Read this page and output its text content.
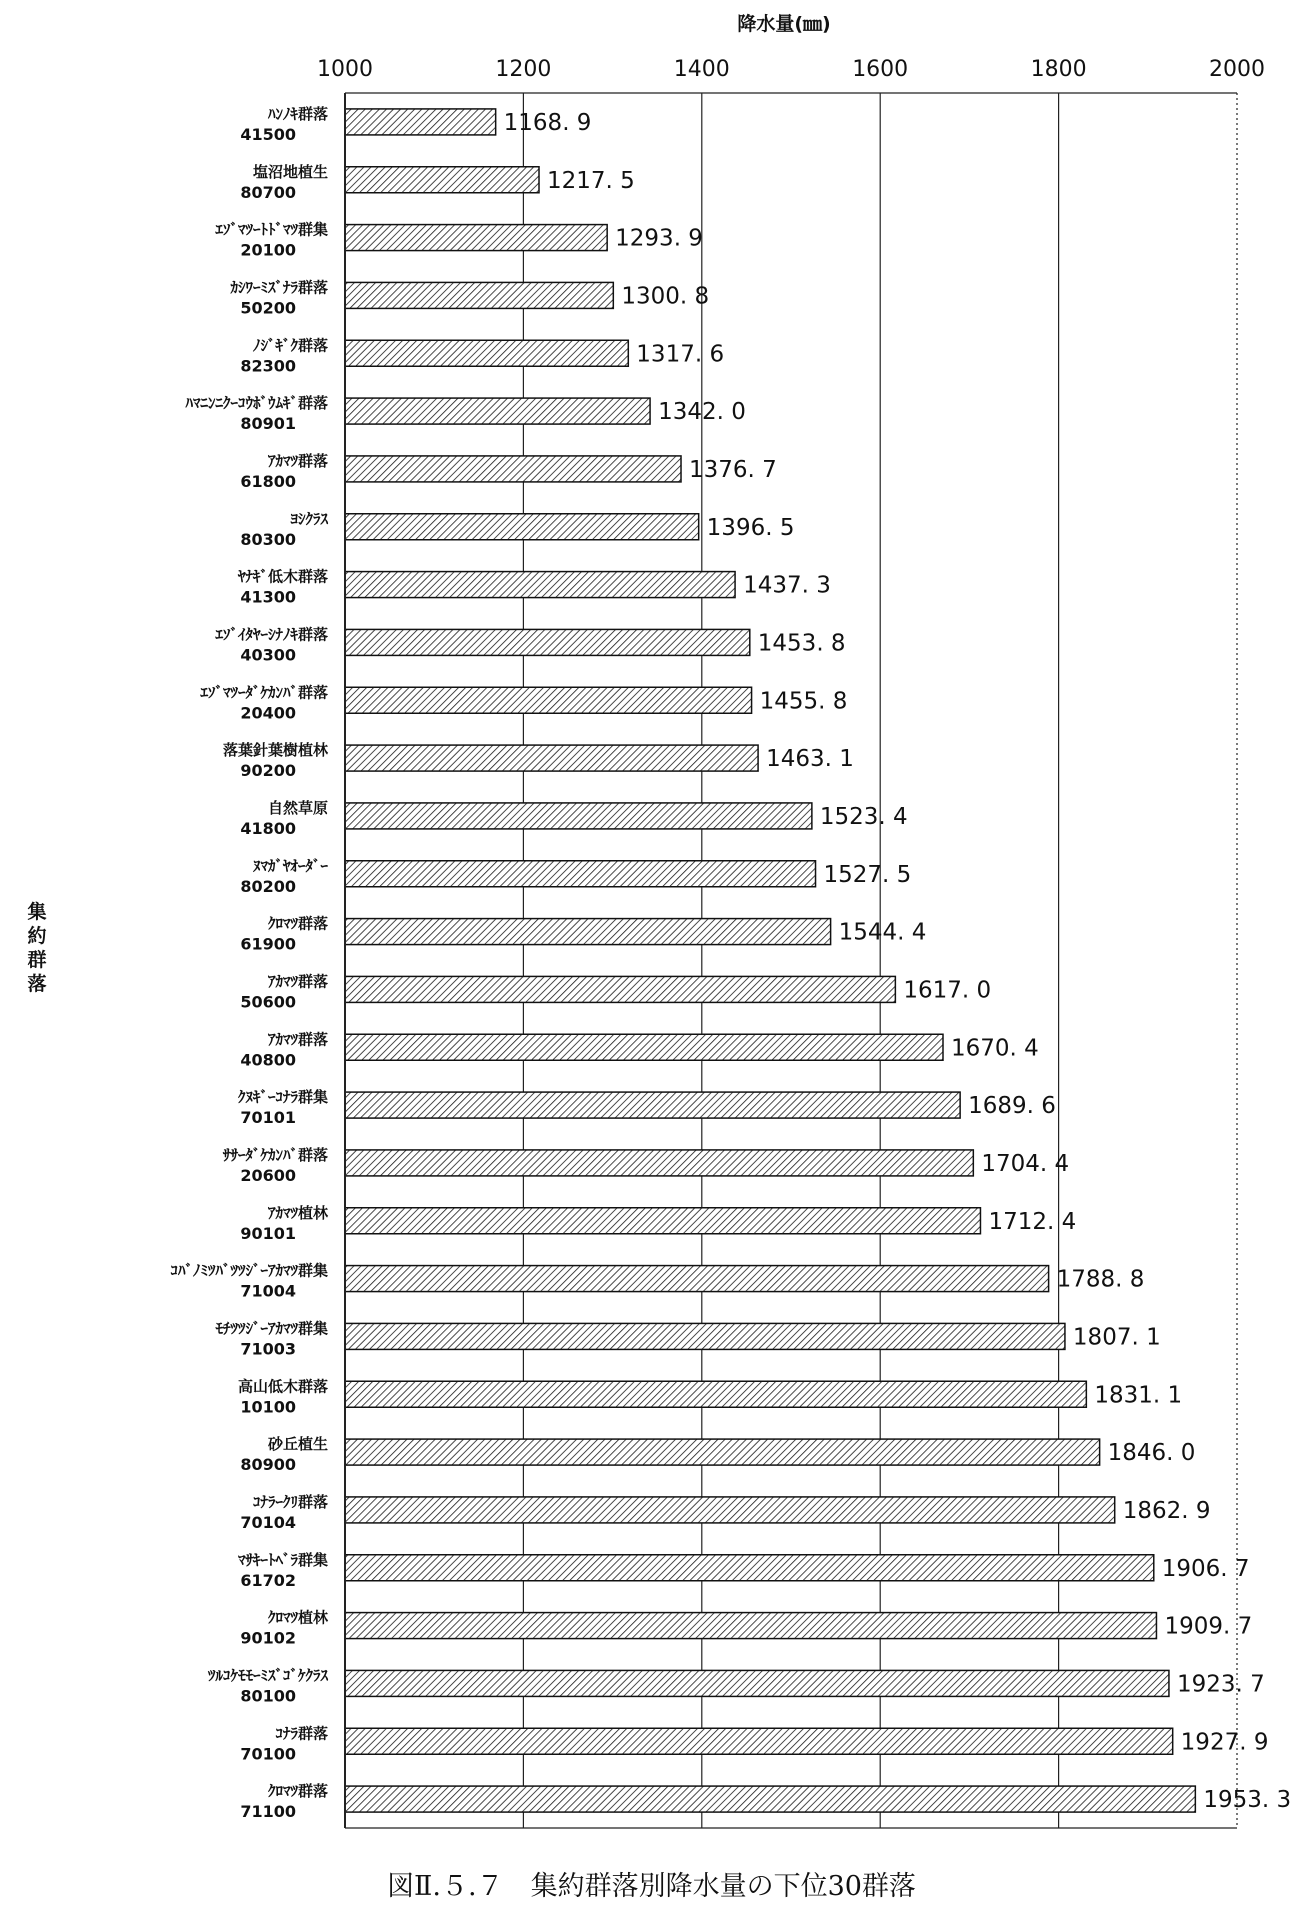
1000	1200	1400	1600	1800	2000
ﾊﾝﾉｷ群落
41500
塩沼地植生
80700
ｴｿﾞﾏﾂｰﾄﾄﾞﾏﾂ群集
20100
ｶｼﾜｰﾐｽﾞﾅﾗ群落
50200
ﾉｼﾞｷﾞｸ群落
82300
ﾊﾏﾆﾝﾆｸｰｺｳﾎﾞｳﾑｷﾞ群落
80901
ｱｶﾏﾂ群落
61800
ﾖｼｸﾗｽ
80300
ﾔﾅｷﾞ低木群落
41300
ｴｿﾞｲﾀﾔｰｼﾅﾉｷ群落
40300
ｴｿﾞﾏﾂｰﾀﾞｹｶﾝﾊﾞ群落
20400
落葉針葉樹植林
90200
自然草原
41800
ﾇﾏｶﾞﾔｵｰﾀﾞｰ
80200
ｸﾛﾏﾂ群落
61900
ｱｶﾏﾂ群落
50600
ｱｶﾏﾂ群落
40800
ｸﾇｷﾞｰｺﾅﾗ群集
70101
ｻｻｰﾀﾞｹｶﾝﾊﾞ群落
20600
ｱｶﾏﾂ植林
90101
ｺﾊﾞﾉﾐﾂﾊﾞﾂﾂｼﾞｰｱｶﾏﾂ群集
71004
ﾓﾁﾂﾂｼﾞｰｱｶﾏﾂ群集
71003
高山低木群落
10100
砂丘植生
80900
ｺﾅﾗｰｸﾘ群落
70104
ﾏｻｷｰﾄﾍﾞﾗ群集
61702
ｸﾛﾏﾂ植林
90102
ﾂﾙｺｹﾓﾓｰﾐｽﾞｺﾞｹｸﾗｽ
80100
ｺﾅﾗ群落
70100
ｸﾛﾏﾂ群落
71100
1168. 9
1217. 5
1293. 9
1300. 8
1317. 6
1342. 0
1376. 7
1396. 5
1437. 3
1453. 8
1455. 8
1463. 1
1523. 4
1527. 5
1544. 4
1617. 0
1670. 4
1689. 6
1704. 4
1712. 4
1788. 8
1807. 1
1831. 1
1846. 0
1862. 9
1906. 7
1909. 7
1923. 7
1927. 9
1953. 3
降水量(㎜)
集
約
群
落
図Ⅱ.５.７　集約群落別降水量の下位30群落
